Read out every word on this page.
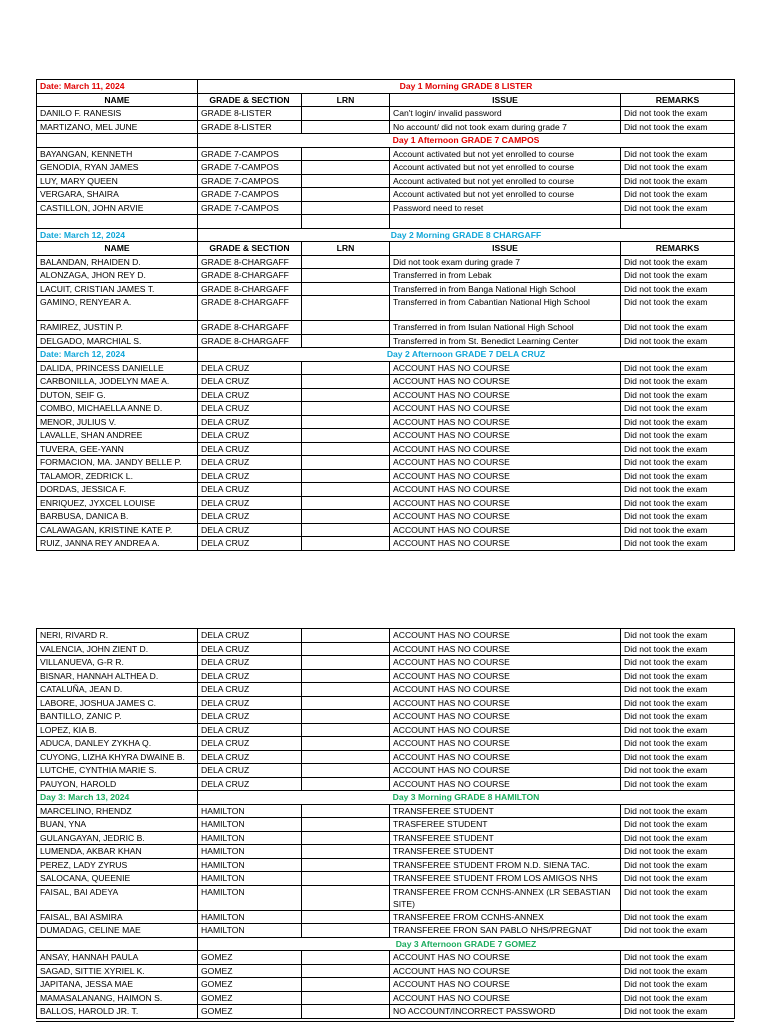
Date: March 11, 2024	Day 1 Morning GRADE 8 LISTER			
NAME	GRADE & SECTION	LRN	ISSUE	REMARKS
DANILO F. RANESIS	GRADE 8-LISTER		Can't login/ invalid password	Did not took the exam
MARTIZANO, MEL JUNE	GRADE 8-LISTER		No account/ did not took exam during grade 7	Did not took the exam
	Day 1 Afternoon GRADE 7 CAMPOS			
BAYANGAN, KENNETH	GRADE 7-CAMPOS		Account activated but not yet enrolled to course	Did not took the exam
GENODIA, RYAN JAMES	GRADE 7-CAMPOS		Account activated but not yet enrolled to course	Did not took the exam
LUY, MARY QUEEN	GRADE 7-CAMPOS		Account activated but not yet enrolled to course	Did not took the exam
VERGARA, SHAIRA	GRADE 7-CAMPOS		Account activated but not yet enrolled to course	Did not took the exam
CASTILLON, JOHN ARVIE	GRADE 7-CAMPOS		Password need to reset	Did not took the exam

Date: March 12, 2024	Day 2 Morning GRADE 8 CHARGAFF			
NAME	GRADE & SECTION	LRN	ISSUE	REMARKS
BALANDAN, RHAIDEN D.	GRADE 8-CHARGAFF		Did not took exam during grade 7	Did not took the exam
ALONZAGA, JHON REY D.	GRADE 8-CHARGAFF		Transferred in from Lebak	Did not took the exam
LACUIT, CRISTIAN JAMES T.	GRADE 8-CHARGAFF		Transferred in from Banga National High School	Did not took the exam
GAMINO, RENYEAR A.	GRADE 8-CHARGAFF		Transferred in from Cabantian National High School	Did not took the exam
RAMIREZ, JUSTIN P.	GRADE 8-CHARGAFF		Transferred in from Isulan National High School	Did not took the exam
DELGADO, MARCHIAL S.	GRADE 8-CHARGAFF		Transferred in from St. Benedict Learning Center	Did not took the exam
Date: March 12, 2024	Day 2 Afternoon GRADE 7 DELA CRUZ			
DALIDA, PRINCESS DANIELLE	DELA CRUZ		ACCOUNT HAS NO COURSE	Did not took the exam
CARBONILLA, JODELYN MAE A.	DELA CRUZ		ACCOUNT HAS NO COURSE	Did not took the exam
DUTON, SEIF G.	DELA CRUZ		ACCOUNT HAS NO COURSE	Did not took the exam
COMBO, MICHAELLA ANNE D.	DELA CRUZ		ACCOUNT HAS NO COURSE	Did not took the exam
MENOR, JULIUS V.	DELA CRUZ		ACCOUNT HAS NO COURSE	Did not took the exam
LAVALLE, SHAN ANDREE	DELA CRUZ		ACCOUNT HAS NO COURSE	Did not took the exam
TUVERA, GEE-YANN	DELA CRUZ		ACCOUNT HAS NO COURSE	Did not took the exam
FORMACION, MA. JANDY BELLE P.	DELA CRUZ		ACCOUNT HAS NO COURSE	Did not took the exam
TALAMOR, ZEDRICK L.	DELA CRUZ		ACCOUNT HAS NO COURSE	Did not took the exam
DORDAS, JESSICA F.	DELA CRUZ		ACCOUNT HAS NO COURSE	Did not took the exam
ENRIQUEZ, JYXCEL LOUISE	DELA CRUZ		ACCOUNT HAS NO COURSE	Did not took the exam
BARBUSA, DANICA B.	DELA CRUZ		ACCOUNT HAS NO COURSE	Did not took the exam
CALAWAGAN, KRISTINE KATE P.	DELA CRUZ		ACCOUNT HAS NO COURSE	Did not took the exam
RUIZ, JANNA REY ANDREA A.	DELA CRUZ		ACCOUNT HAS NO COURSE	Did not took the exam
NERI, RIVARD R.	DELA CRUZ		ACCOUNT HAS NO COURSE	Did not took the exam
VALENCIA, JOHN ZIENT D.	DELA CRUZ		ACCOUNT HAS NO COURSE	Did not took the exam
VILLANUEVA, G-R R.	DELA CRUZ		ACCOUNT HAS NO COURSE	Did not took the exam
BISNAR, HANNAH ALTHEA D.	DELA CRUZ		ACCOUNT HAS NO COURSE	Did not took the exam
CATALUÑA, JEAN D.	DELA CRUZ		ACCOUNT HAS NO COURSE	Did not took the exam
LABORE, JOSHUA JAMES C.	DELA CRUZ		ACCOUNT HAS NO COURSE	Did not took the exam
BANTILLO, ZANIC P.	DELA CRUZ		ACCOUNT HAS NO COURSE	Did not took the exam
LOPEZ, KIA B.	DELA CRUZ		ACCOUNT HAS NO COURSE	Did not took the exam
ADUCA, DANLEY ZYKHA Q.	DELA CRUZ		ACCOUNT HAS NO COURSE	Did not took the exam
CUYONG, LIZHA KHYRA DWAINE B.	DELA CRUZ		ACCOUNT HAS NO COURSE	Did not took the exam
LUTCHE, CYNTHIA MARIE S.	DELA CRUZ		ACCOUNT HAS NO COURSE	Did not took the exam
PAUYON, HAROLD	DELA CRUZ		ACCOUNT HAS NO COURSE	Did not took the exam
Day 3: March 13, 2024	Day 3 Morning GRADE 8 HAMILTON			
MARCELINO, RHENDZ	HAMILTON		TRANSFEREE STUDENT	Did not took the exam
BUAN, YNA	HAMILTON		TRASFEREE STUDENT	Did not took the exam
GULANGAYAN, JEDRIC B.	HAMILTON		TRANSFEREE STUDENT	Did not took the exam
LUMENDA, AKBAR KHAN	HAMILTON		TRANSFEREE STUDENT	Did not took the exam
PEREZ, LADY ZYRUS	HAMILTON		TRANSFEREE STUDENT FROM N.D. SIENA TAC.	Did not took the exam
SALOCANA, QUEENIE	HAMILTON		TRANSFEREE STUDENT FROM LOS AMIGOS NHS	Did not took the exam
FAISAL, BAI ADEYA	HAMILTON		TRANSFEREE FROM CCNHS-ANNEX (LR SEBASTIAN SITE)	Did not took the exam
FAISAL, BAI ASMIRA	HAMILTON		TRANSFEREE FROM CCNHS-ANNEX	Did not took the exam
DUMADAG, CELINE MAE	HAMILTON		TRANSFEREE FRON SAN PABLO NHS/PREGNAT	Did not took the exam
	Day 3 Afternoon GRADE 7 GOMEZ			
ANSAY, HANNAH PAULA	GOMEZ		ACCOUNT HAS NO COURSE	Did not took the exam
SAGAD, SITTIE XYRIEL K.	GOMEZ		ACCOUNT HAS NO COURSE	Did not took the exam
JAPITANA, JESSA MAE	GOMEZ		ACCOUNT HAS NO COURSE	Did not took the exam
MAMASALANANG, HAIMON S.	GOMEZ		ACCOUNT HAS NO COURSE	Did not took the exam
BALLOS, HAROLD JR. T.	GOMEZ		NO ACCOUNT/INCORRECT PASSWORD	Did not took the exam
